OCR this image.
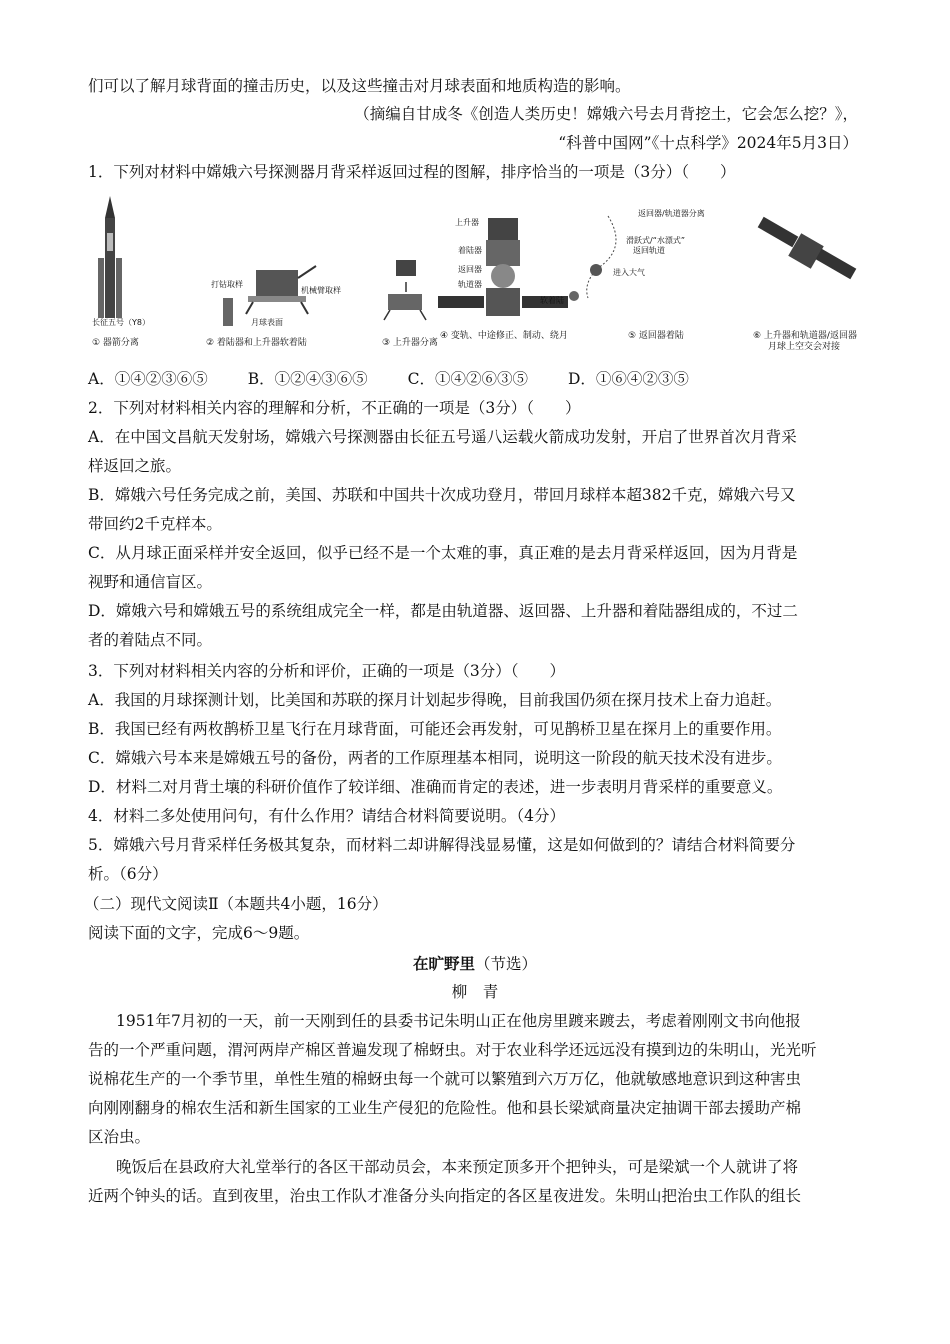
们可以了解月球背面的撞击历史，以及这些撞击对月球表面和地质构造的影响。
（摘编自甘成冬《创造人类历史！嫦娥六号去月背挖土，它会怎么挖？》，
“科普中国网”《十点科学》2024年5月3日）
1．下列对材料中嫦娥六号探测器月背采样返回过程的图解，排序恰当的一项是（3分）（　　）
长征五号（Y8）
打钻取样
机械臂取样
月球表面
上升器
着陆器
返回器
轨道器
返回器/轨道器分离
滑跃式/“水漂式”
返回轨道
进入大气
软着陆
① 器箭分离	② 着陆器和上升器软着陆	③ 上升器分离
④ 变轨、中途修正、制动、绕月	⑤ 返回器着陆	⑥ 上升器和轨道器/返回器
月球上空交会对接
A．①④②③⑥⑤	B．①②④③⑥⑤	C．①④②⑥③⑤	D．①⑥④②③⑤
2．下列对材料相关内容的理解和分析，不正确的一项是（3分）（　　）
A．在中国文昌航天发射场，嫦娥六号探测器由长征五号遥八运载火箭成功发射，开启了世界首次月背采
样返回之旅。
B．嫦娥六号任务完成之前，美国、苏联和中国共十次成功登月，带回月球样本超382千克，嫦娥六号又
带回约2千克样本。
C．从月球正面采样并安全返回，似乎已经不是一个太难的事，真正难的是去月背采样返回，因为月背是
视野和通信盲区。
D．嫦娥六号和嫦娥五号的系统组成完全一样，都是由轨道器、返回器、上升器和着陆器组成的，不过二
者的着陆点不同。
3．下列对材料相关内容的分析和评价，正确的一项是（3分）（　　）
A．我国的月球探测计划，比美国和苏联的探月计划起步得晚，目前我国仍须在探月技术上奋力追赶。
B．我国已经有两枚鹊桥卫星飞行在月球背面，可能还会再发射，可见鹊桥卫星在探月上的重要作用。
C．嫦娥六号本来是嫦娥五号的备份，两者的工作原理基本相同，说明这一阶段的航天技术没有进步。
D．材料二对月背土壤的科研价值作了较详细、准确而肯定的表述，进一步表明月背采样的重要意义。
4．材料二多处使用问句，有什么作用？请结合材料简要说明。（4分）
5．嫦娥六号月背采样任务极其复杂，而材料二却讲解得浅显易懂，这是如何做到的？请结合材料简要分
析。（6分）
（二）现代文阅读Ⅱ（本题共4小题，16分）
阅读下面的文字，完成6～9题。
在旷野里（节选）
柳　青
1951年7月初的一天，前一天刚到任的县委书记朱明山正在他房里踱来踱去，考虑着刚刚文书向他报
告的一个严重问题，渭河两岸产棉区普遍发现了棉蚜虫。对于农业科学还远远没有摸到边的朱明山，光光听
说棉花生产的一个季节里，单性生殖的棉蚜虫每一个就可以繁殖到六万万亿，他就敏感地意识到这种害虫
向刚刚翻身的棉农生活和新生国家的工业生产侵犯的危险性。他和县长梁斌商量决定抽调干部去援助产棉
区治虫。
晚饭后在县政府大礼堂举行的各区干部动员会，本来预定顶多开个把钟头，可是梁斌一个人就讲了将
近两个钟头的话。直到夜里，治虫工作队才准备分头向指定的各区星夜进发。朱明山把治虫工作队的组长
